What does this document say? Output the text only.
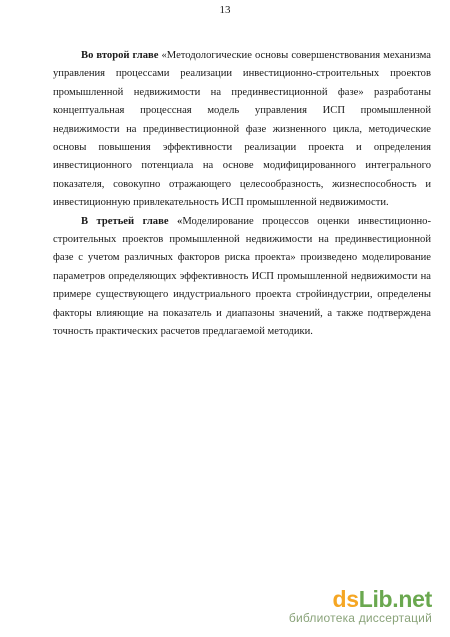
13

Во второй главе «Методологические основы совершенствования механизма управления процессами реализации инвестиционно-строительных проектов промышленной недвижимости на прединвестиционной фазе» разработаны концептуальная процессная модель управления ИСП промышленной недвижимости на прединвестиционной фазе жизненного цикла, методические основы повышения эффективности реализации проекта и определения инвестиционного потенциала на основе модифицированного интегрального показателя, совокупно отражающего целесообразность, жизнеспособность и инвестиционную привлекательность ИСП промышленной недвижимости.

В третьей главе «Моделирование процессов оценки инвестиционно-строительных проектов промышленной недвижимости на прединвестиционной фазе с учетом различных факторов риска проекта» произведено моделирование параметров определяющих эффективность ИСП промышленной недвижимости на примере существующего индустриального проекта стройиндустрии, определены факторы влияющие на показатель и диапазоны значений, а также подтверждена точность практических расчетов предлагаемой методики.

dsLib.net
библиотека диссертаций
